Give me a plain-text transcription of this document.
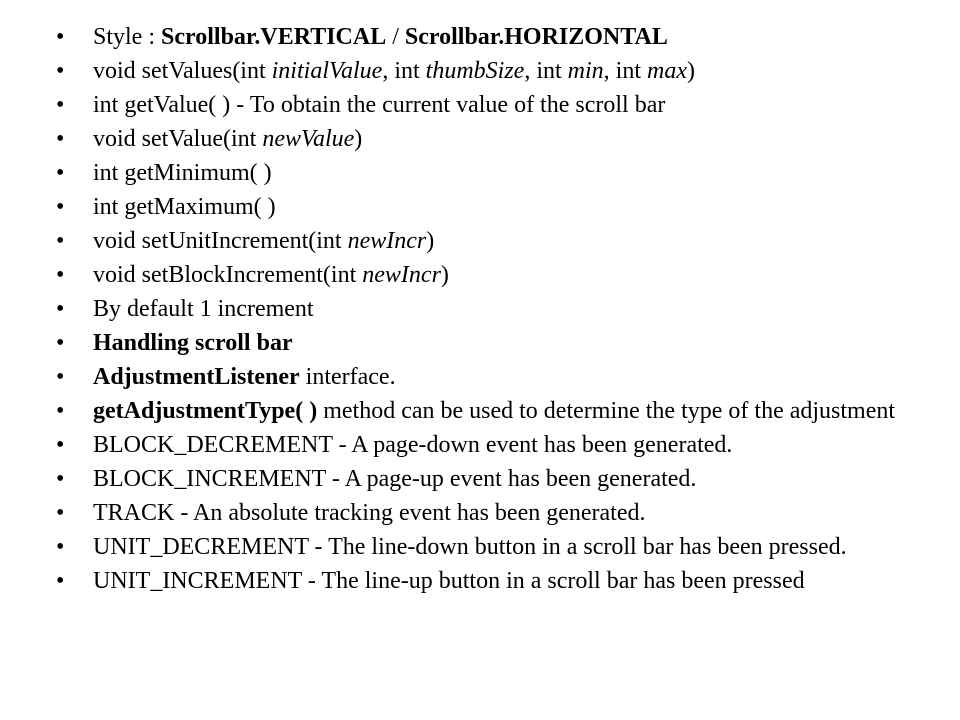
•	Style : Scrollbar.VERTICAL / Scrollbar.HORIZONTAL
•	void setValues(int initialValue, int thumbSize, int min, int max)
•	int getValue( ) - To obtain the current value of the scroll bar
•	void setValue(int newValue)
•	int getMinimum( )
•	int getMaximum( )
•	void setUnitIncrement(int newIncr)
•	void setBlockIncrement(int newIncr)
•	By default 1 increment
•	Handling scroll bar
•	AdjustmentListener interface.
•	getAdjustmentType( ) method can be used to determine the type of the adjustment
•	BLOCK_DECREMENT - A page-down event has been generated.
•	BLOCK_INCREMENT - A page-up event has been generated.
•	TRACK - An absolute tracking event has been generated.
•	UNIT_DECREMENT - The line-down button in a scroll bar has been pressed.
•	UNIT_INCREMENT - The line-up button in a scroll bar has been pressed
